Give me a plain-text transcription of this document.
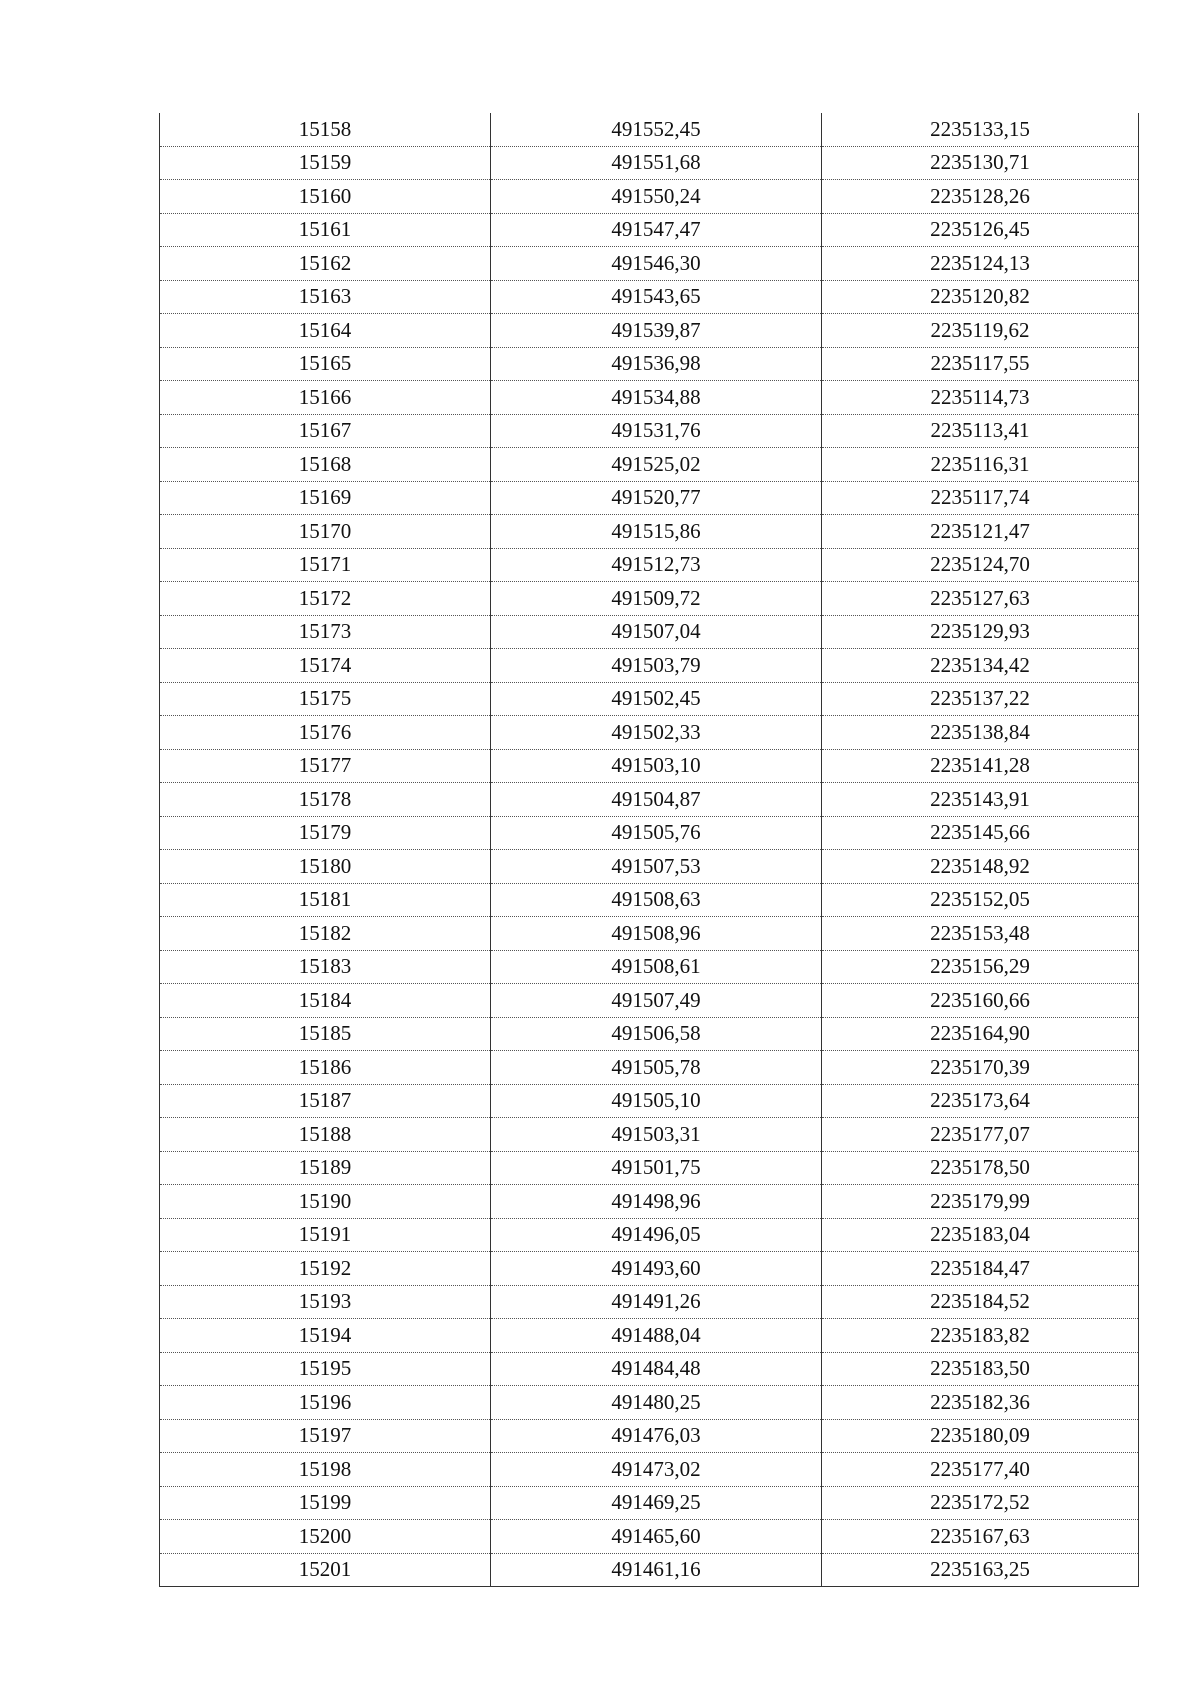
15158	491552,45	2235133,15
15159	491551,68	2235130,71
15160	491550,24	2235128,26
15161	491547,47	2235126,45
15162	491546,30	2235124,13
15163	491543,65	2235120,82
15164	491539,87	2235119,62
15165	491536,98	2235117,55
15166	491534,88	2235114,73
15167	491531,76	2235113,41
15168	491525,02	2235116,31
15169	491520,77	2235117,74
15170	491515,86	2235121,47
15171	491512,73	2235124,70
15172	491509,72	2235127,63
15173	491507,04	2235129,93
15174	491503,79	2235134,42
15175	491502,45	2235137,22
15176	491502,33	2235138,84
15177	491503,10	2235141,28
15178	491504,87	2235143,91
15179	491505,76	2235145,66
15180	491507,53	2235148,92
15181	491508,63	2235152,05
15182	491508,96	2235153,48
15183	491508,61	2235156,29
15184	491507,49	2235160,66
15185	491506,58	2235164,90
15186	491505,78	2235170,39
15187	491505,10	2235173,64
15188	491503,31	2235177,07
15189	491501,75	2235178,50
15190	491498,96	2235179,99
15191	491496,05	2235183,04
15192	491493,60	2235184,47
15193	491491,26	2235184,52
15194	491488,04	2235183,82
15195	491484,48	2235183,50
15196	491480,25	2235182,36
15197	491476,03	2235180,09
15198	491473,02	2235177,40
15199	491469,25	2235172,52
15200	491465,60	2235167,63
15201	491461,16	2235163,25
